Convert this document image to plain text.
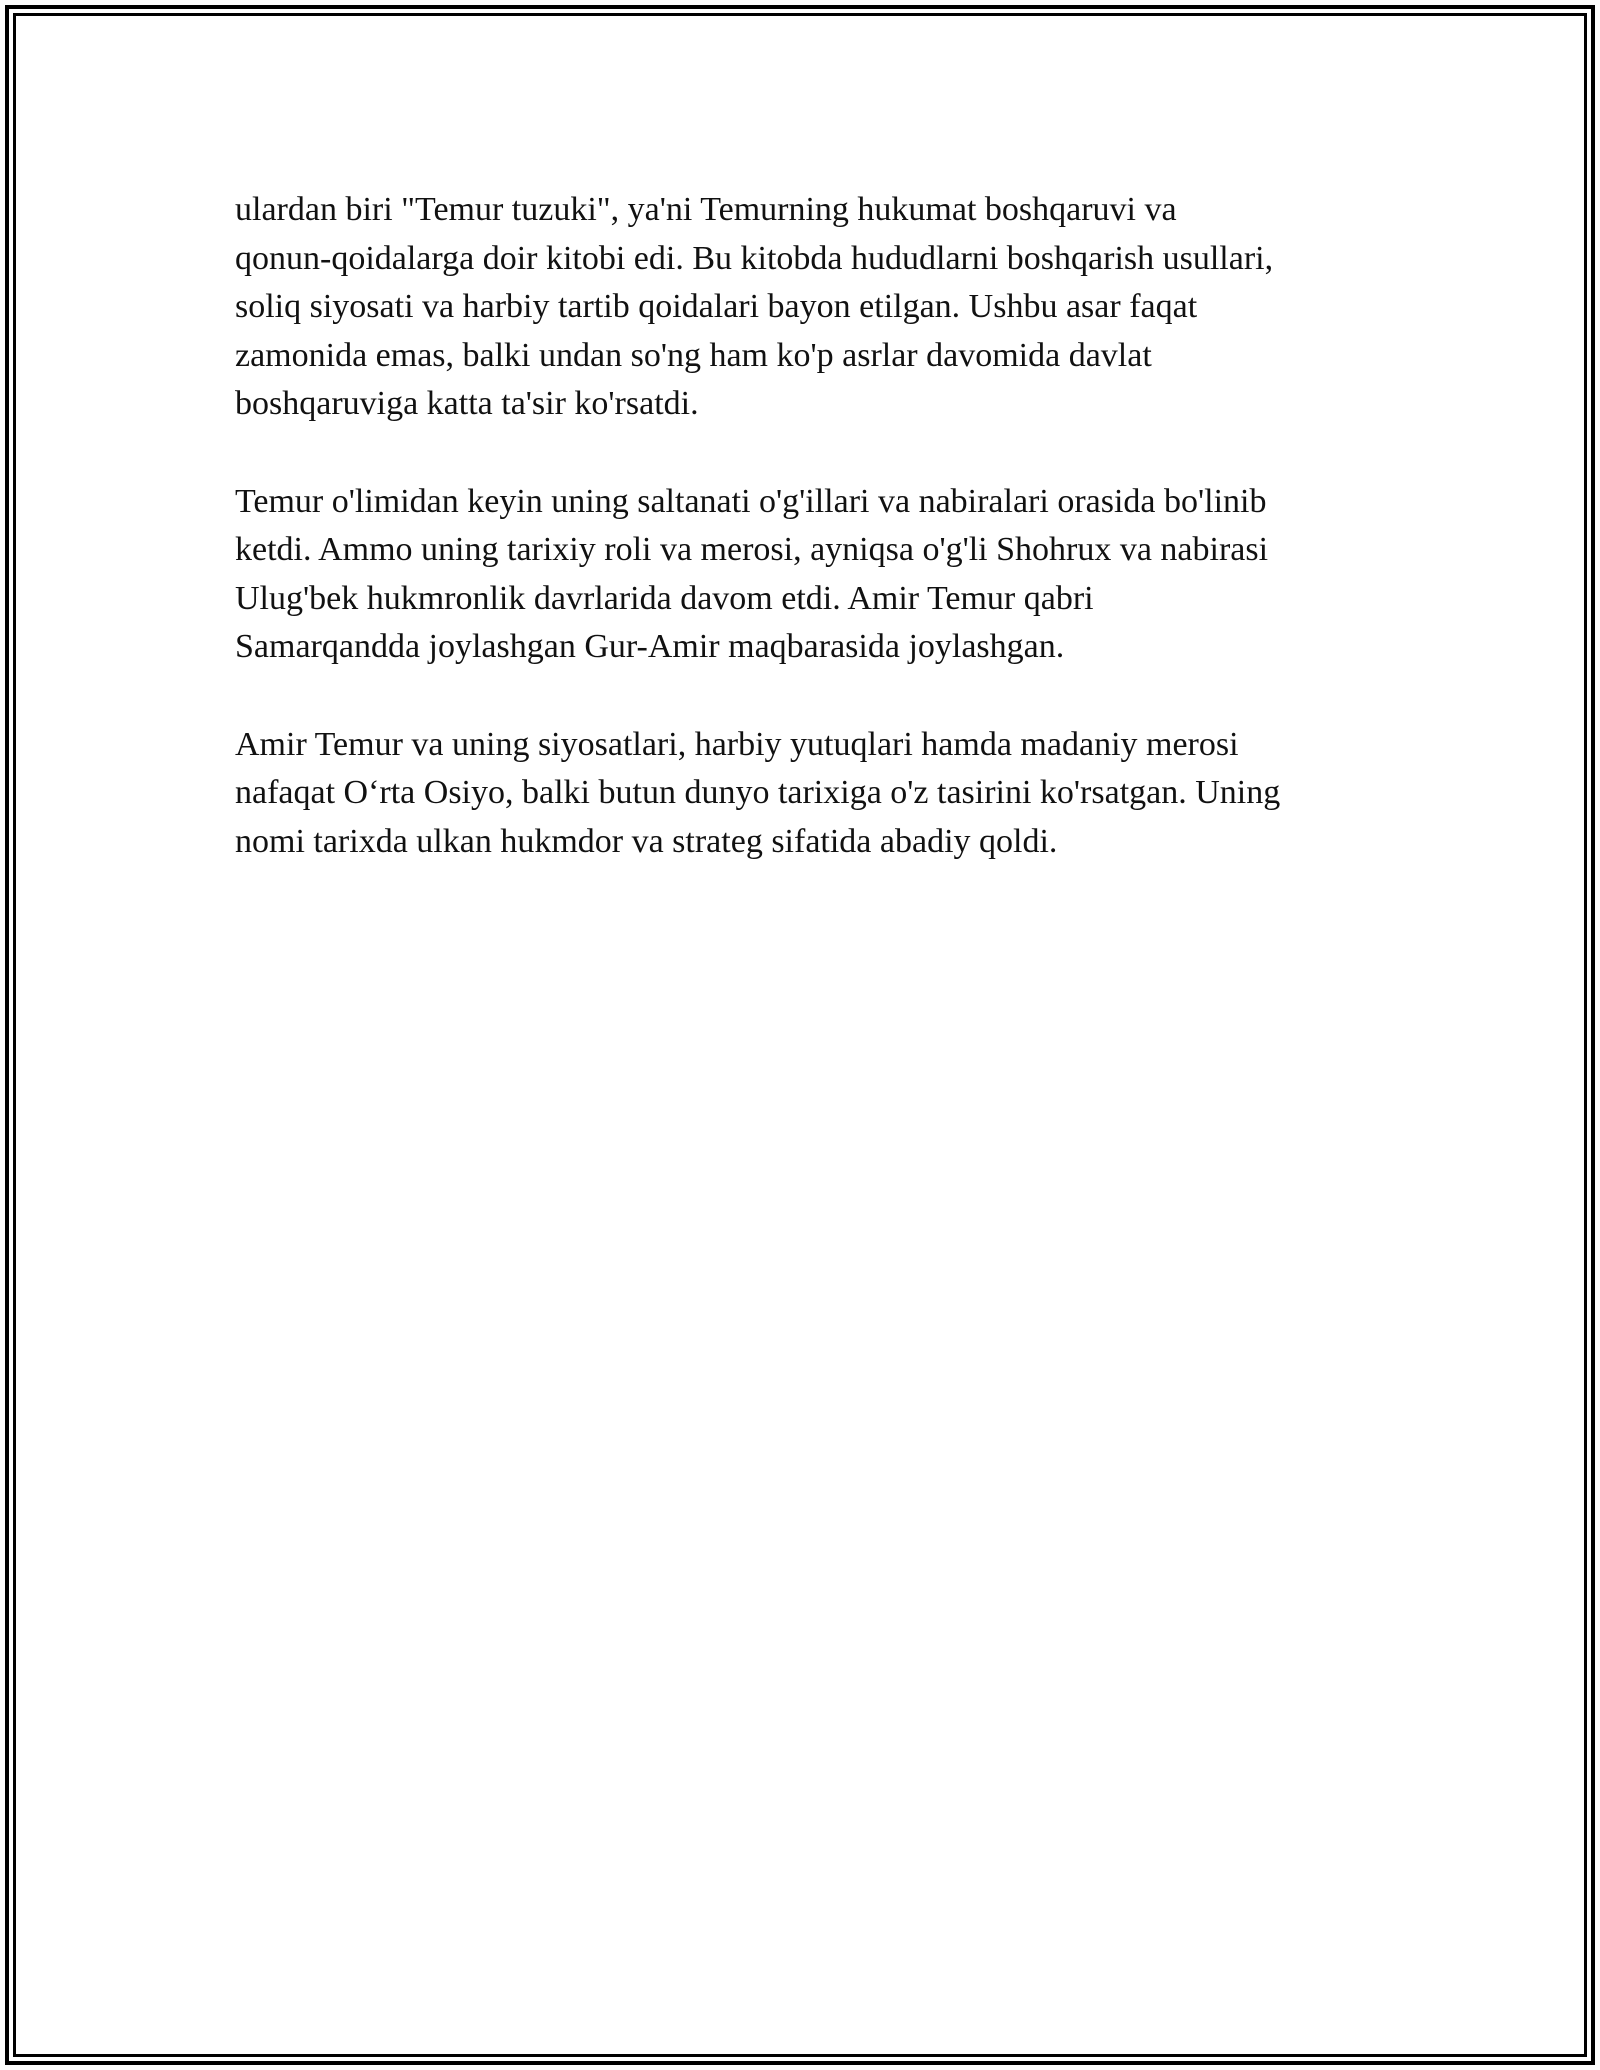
ulardan biri "Temur tuzuki", ya'ni Temurning hukumat boshqaruvi va
qonun-qoidalarga doir kitobi edi. Bu kitobda hududlarni boshqarish usullari,
soliq siyosati va harbiy tartib qoidalari bayon etilgan. Ushbu asar faqat
zamonida emas, balki undan so'ng ham ko'p asrlar davomida davlat
boshqaruviga katta ta'sir ko'rsatdi.

Temur o'limidan keyin uning saltanati o'g'illari va nabiralari orasida bo'linib
ketdi. Ammo uning tarixiy roli va merosi, ayniqsa o'g'li Shohrux va nabirasi
Ulug'bek hukmronlik davrlarida davom etdi. Amir Temur qabri
Samarqandda joylashgan Gur-Amir maqbarasida joylashgan.

Amir Temur va uning siyosatlari, harbiy yutuqlari hamda madaniy merosi
nafaqat O‘rta Osiyo, balki butun dunyo tarixiga o'z tasirini ko'rsatgan. Uning
nomi tarixda ulkan hukmdor va strateg sifatida abadiy qoldi.
